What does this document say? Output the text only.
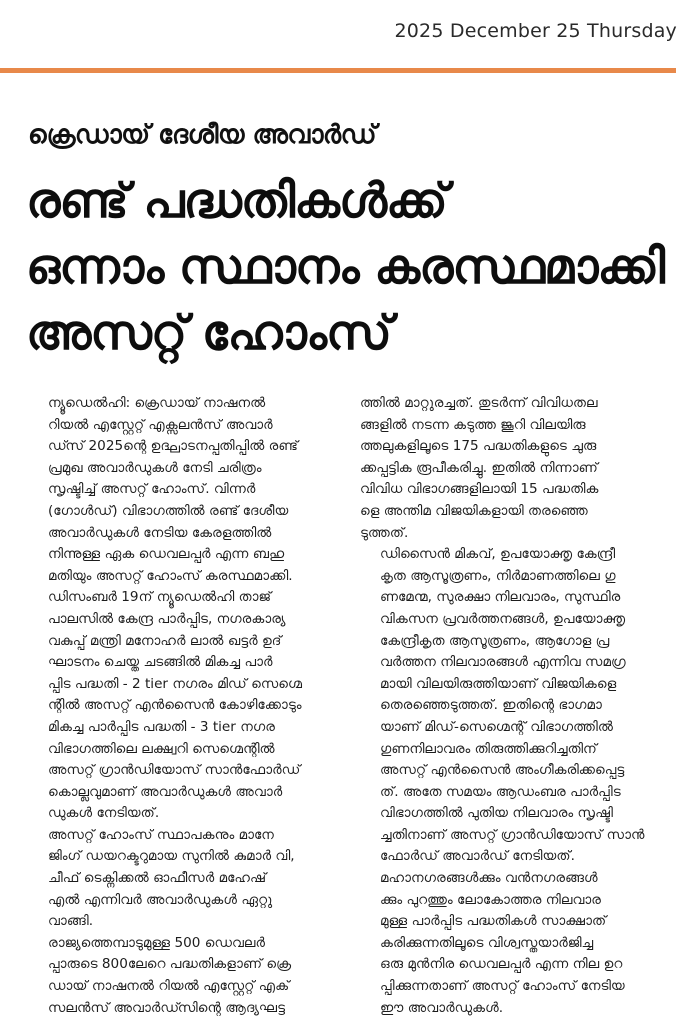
2025 December 25 Thursday
ക്രെഡായ് ദേശീയ അവാർഡ്
രണ്ട് പദ്ധതികൾക്ക്
ഒന്നാം സ്ഥാനം കരസ്ഥമാക്കി
അസറ്റ് ഹോംസ്

ന്യൂഡെൽഹി: ക്രെഡായ് നാഷനൽ
റിയൽ എസ്റ്റേറ്റ് എക്സലൻസ് അവാർ
ഡ്സ് 2025ന്റെ ഉദ്ഘാടനപ്പതിപ്പിൽ രണ്ട്
പ്രമുഖ അവാർഡുകൾ നേടി ചരിത്രം
സൃഷ്ടിച്ച് അസറ്റ് ഹോംസ്. വിന്നർ
(ഗോൾഡ്) വിഭാഗത്തിൽ രണ്ട് ദേശീയ
അവാർഡുകൾ നേടിയ കേരളത്തിൽ
നിന്നുള്ള ഏക ഡെവലപ്പർ എന്ന ബഹു
മതിയും അസറ്റ് ഹോംസ് കരസ്ഥമാക്കി.

ഡിസംബർ 19ന് ന്യൂഡെൽഹി താജ്
പാലസിൽ കേന്ദ്ര പാർപ്പിട, നഗരകാര്യ
വകുപ്പ് മന്ത്രി മനോഹർ ലാൽ ഖട്ടർ ഉദ്
ഘാടനം ചെയ്ത ചടങ്ങിൽ മികച്ച പാർ
പ്പിട പദ്ധതി - 2 tier നഗരം മിഡ് സെഗ്മെ
ന്റിൽ അസറ്റ് എൻസൈൻ കോഴിക്കോടും
മികച്ച പാർപ്പിട പദ്ധതി - 3 tier നഗര
വിഭാഗത്തിലെ ലക്ഷ്വറി സെഗ്മെന്റിൽ
അസറ്റ് ഗ്രാൻഡിയോസ് സാൻഫോർഡ്
കൊല്ലവുമാണ് അവാർഡുകൾ അവാർ
ഡുകൾ നേടിയത്.

അസറ്റ് ഹോംസ് സ്ഥാപകനും മാനേ
ജിംഗ് ഡയറക്ടറുമായ സുനിൽ കുമാർ വി,
ചീഫ് ടെക്നിക്കൽ ഓഫീസർ മഹേഷ്
എൽ എന്നിവർ അവാർഡുകൾ ഏറ്റു
വാങ്ങി.

രാജ്യത്തെമ്പാടുമുള്ള 500 ഡെവലർ
പ്പാരുടെ 800ലേറെ പദ്ധതികളാണ് ക്രെ
ഡായ് നാഷനൽ റിയൽ എസ്റ്റേറ്റ് എക്
സലൻസ് അവാർഡ്സിന്റെ ആദ്യഘട്ട

ത്തിൽ മാറ്റുരച്ചത്. തുടർന്ന് വിവിധതല
ങ്ങളിൽ നടന്ന കടുത്ത ജൂറി വിലയിരു
ത്തലുകളിലൂടെ 175 പദ്ധതികളുടെ ചുരു
ക്കപ്പട്ടിക രൂപീകരിച്ചു. ഇതിൽ നിന്നാണ്
വിവിധ വിഭാഗങ്ങളിലായി 15 പദ്ധതിക
ളെ അന്തിമ വിജയികളായി തരഞ്ഞെ
ടുത്തത്.

ഡിസൈൻ മികവ്, ഉപയോക്തൃ കേന്ദ്രീ
കൃത ആസൂത്രണം, നിർമാണത്തിലെ ഗു
ണമേന്മ, സുരക്ഷാ നിലവാരം, സുസ്ഥിര
വികസന പ്രവർത്തനങ്ങൾ, ഉപയോക്തൃ
കേന്ദ്രീകൃത ആസൂത്രണം, ആഗോള പ്ര
വർത്തന നിലവാരങ്ങൾ എന്നിവ സമഗ്ര
മായി വിലയിരുത്തിയാണ് വിജയികളെ
തെരഞ്ഞെടുത്തത്. ഇതിന്റെ ഭാഗമാ
യാണ് മിഡ്-സെഗ്മെന്റ് വിഭാഗത്തിൽ
ഗുണനിലാവരം തിരുത്തിക്കുറിച്ചതിന്
അസറ്റ് എൻസൈൻ അംഗീകരിക്കപ്പെട്ട
ത്. അതേ സമയം ആഡംബര പാർപ്പിട
വിഭാഗത്തിൽ പുതിയ നിലവാരം സൃഷ്ടി
ച്ചതിനാണ് അസറ്റ് ഗ്രാൻഡിയോസ് സാൻ
ഫോർഡ് അവാർഡ് നേടിയത്.

മഹാനഗരങ്ങൾക്കും വൻനഗരങ്ങൾ
ക്കും പുറത്തും ലോകോത്തര നിലവാര
മുള്ള പാർപ്പിട പദ്ധതികൾ സാക്ഷാത്
കരിക്കുന്നതിലൂടെ വിശ്വസ്തയാർജിച്ച
ഒരു മുൻനിര ഡെവലപ്പർ എന്ന നില ഉറ
പ്പിക്കുന്നതാണ് അസറ്റ് ഹോംസ് നേടിയ
ഈ അവാർഡുകൾ.
